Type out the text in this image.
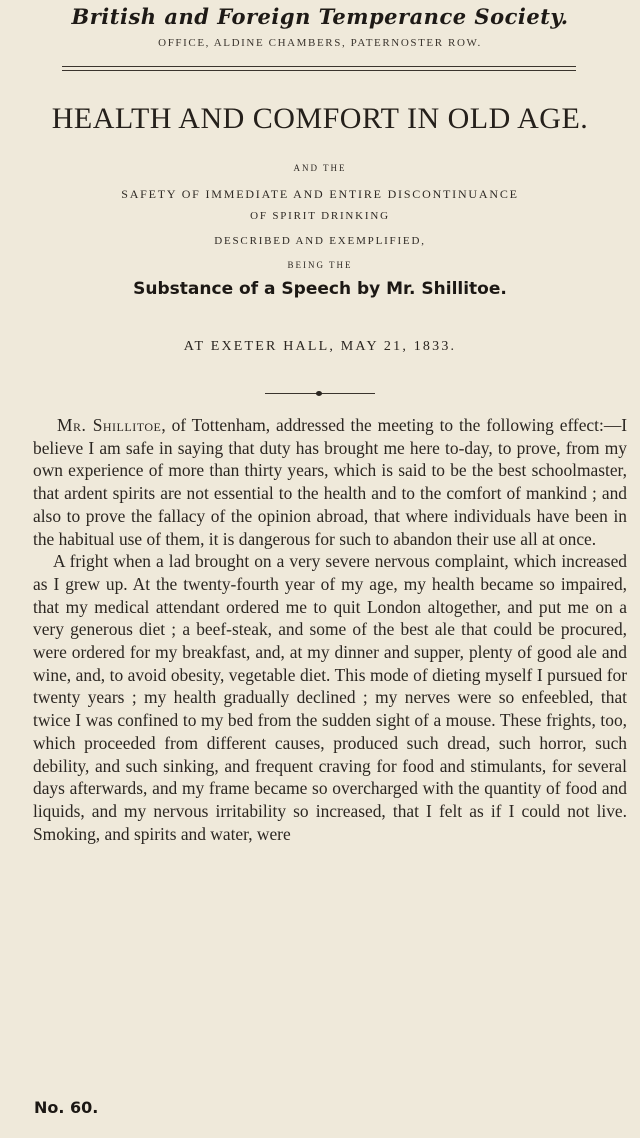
British and Foreign Temperance Society.
OFFICE, ALDINE CHAMBERS, PATERNOSTER ROW.
HEALTH AND COMFORT IN OLD AGE.
AND THE
SAFETY OF IMMEDIATE AND ENTIRE DISCONTINUANCE
OF SPIRIT DRINKING
DESCRIBED AND EXEMPLIFIED,
BEING THE
Substance of a Speech by Mr. Shillitoe.
AT EXETER HALL, MAY 21, 1833.

Mr. Shillitoe, of Tottenham, addressed the meeting to the following effect:—I believe I am safe in saying that duty has brought me here to-day, to prove, from my own experience of more than thirty years, which is said to be the best schoolmaster, that ardent spirits are not essential to the health and to the comfort of mankind ; and also to prove the fallacy of the opinion abroad, that where individuals have been in the habitual use of them, it is dangerous for such to abandon their use all at once.

A fright when a lad brought on a very severe nervous complaint, which increased as I grew up. At the twenty-fourth year of my age, my health became so impaired, that my medical attendant ordered me to quit London altogether, and put me on a very generous diet ; a beef-steak, and some of the best ale that could be procured, were ordered for my breakfast, and, at my dinner and supper, plenty of good ale and wine, and, to avoid obesity, vegetable diet. This mode of dieting myself I pursued for twenty years ; my health gradually declined ; my nerves were so enfeebled, that twice I was confined to my bed from the sudden sight of a mouse. These frights, too, which proceeded from different causes, produced such dread, such horror, such debility, and such sinking, and frequent craving for food and stimulants, for several days afterwards, and my frame became so overcharged with the quantity of food and liquids, and my nervous irritability so increased, that I felt as if I could not live. Smoking, and spirits and water, were

No. 60.
